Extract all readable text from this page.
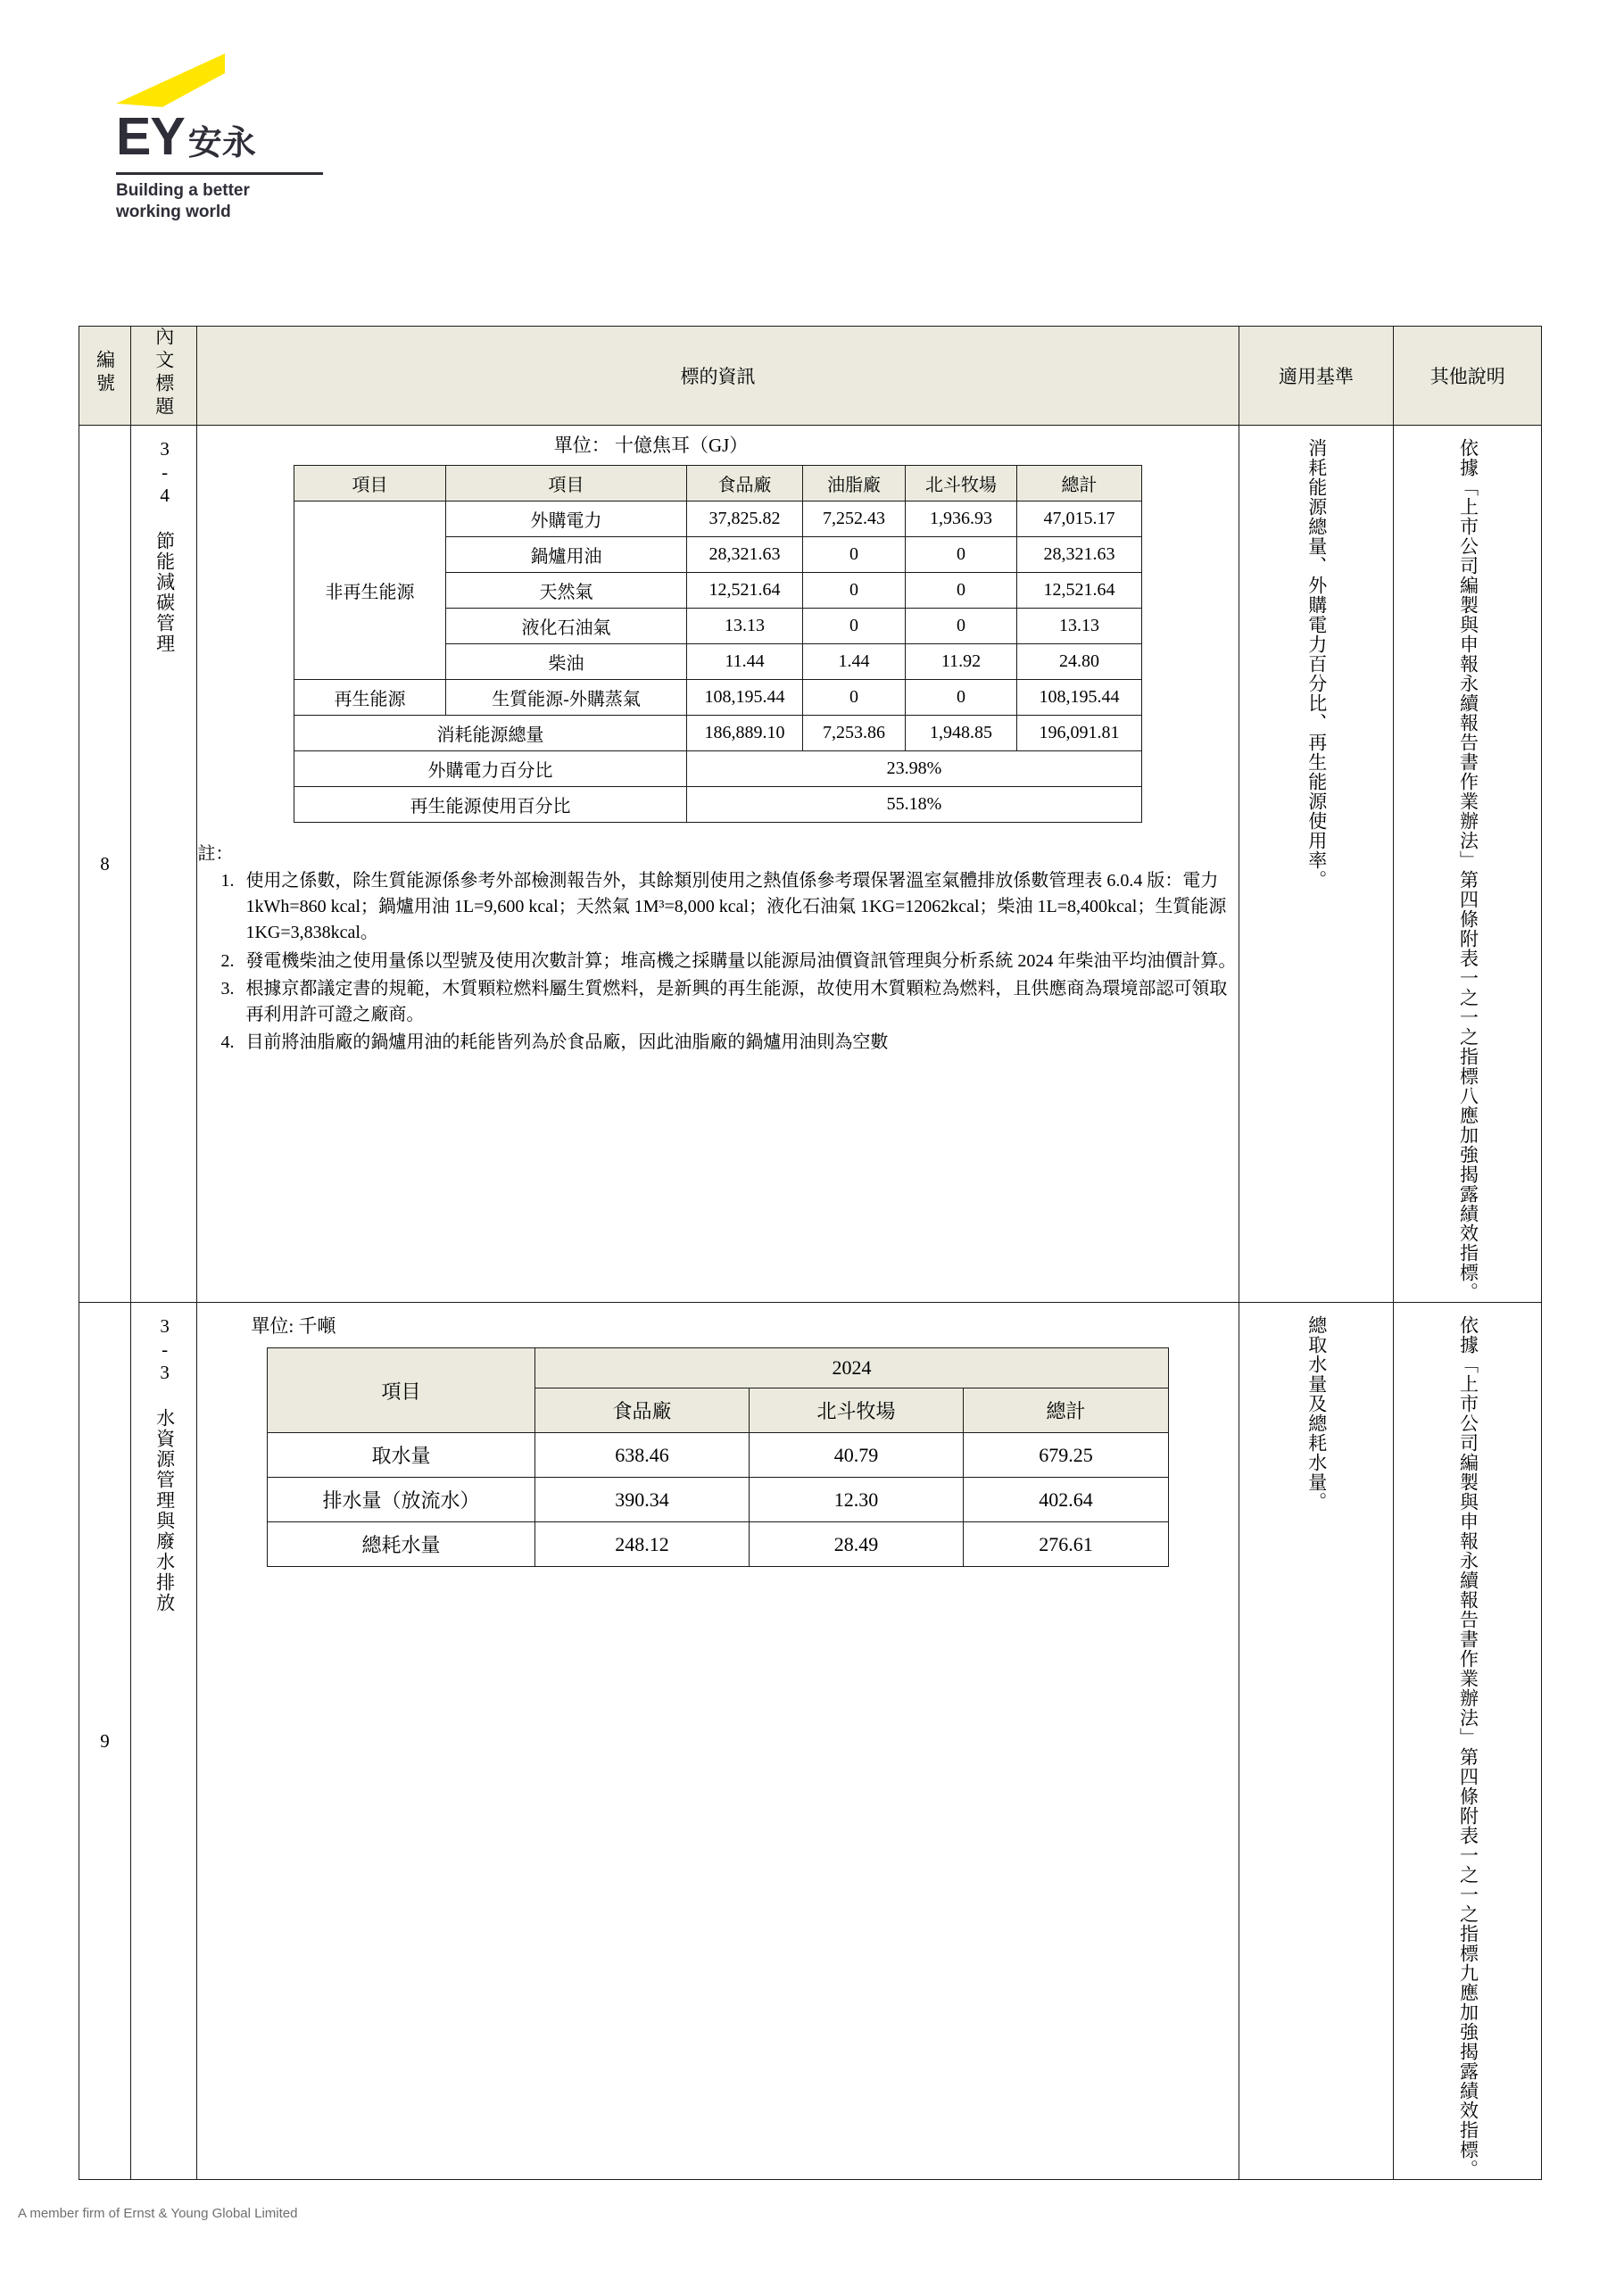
EY 安永
Building a better
working world
編號	內文標題	標的資訊	適用基準	其他說明
8	
3-4 節能減碳管理	單位： 十億焦耳（GJ）
項目	項目	食品廠	油脂廠	北斗牧場	總計
非再生能源	外購電力	37,825.82	7,252.43	1,936.93	47,015.17
鍋爐用油	28,321.63	0	0	28,321.63
天然氣	12,521.64	0	0	12,521.64
液化石油氣	13.13	0	0	13.13
柴油	11.44	1.44	11.92	24.80
再生能源	生質能源-外購蒸氣	108,195.44	0	0	108,195.44
消耗能源總量	186,889.10	7,253.86	1,948.85	196,091.81
外購電力百分比	23.98%
再生能源使用百分比	55.18%
註：
1. 使用之係數，除生質能源係參考外部檢測報告外，其餘類別使用之熱值係參考環保署溫室氣體排放係數管理表 6.0.4 版：電力 1kWh=860 kcal；鍋爐用油 1L=9,600 kcal；天然氣 1M³=8,000 kcal；液化石油氣 1KG=12062kcal；柴油 1L=8,400kcal；生質能源 1KG=3,838kcal。
2. 發電機柴油之使用量係以型號及使用次數計算；堆高機之採購量以能源局油價資訊管理與分析系統 2024 年柴油平均油價計算。
3. 根據京都議定書的規範，木質顆粒燃料屬生質燃料，是新興的再生能源，故使用木質顆粒為燃料，且供應商為環境部認可領取再利用許可證之廠商。
4. 目前將油脂廠的鍋爐用油的耗能皆列為於食品廠，因此油脂廠的鍋爐用油則為空數

消耗能源總量、外購電力百分比、再生能源使用率。	依據「上市公司編製與申報永續報告書作業辦法」第四條附表一之一之指標八應加強揭露績效指標。

9	
3-3 水資源管理與廢水排放	單位: 千噸
項目	2024
食品廠	北斗牧場	總計
取水量	638.46	40.79	679.25
排水量（放流水）	390.34	12.30	402.64
總耗水量	248.12	28.49	276.61

總取水量及總耗水量。	依據「上市公司編製與申報永續報告書作業辦法」第四條附表一之一之指標九應加強揭露績效指標。
A member firm of Ernst & Young Global Limited
